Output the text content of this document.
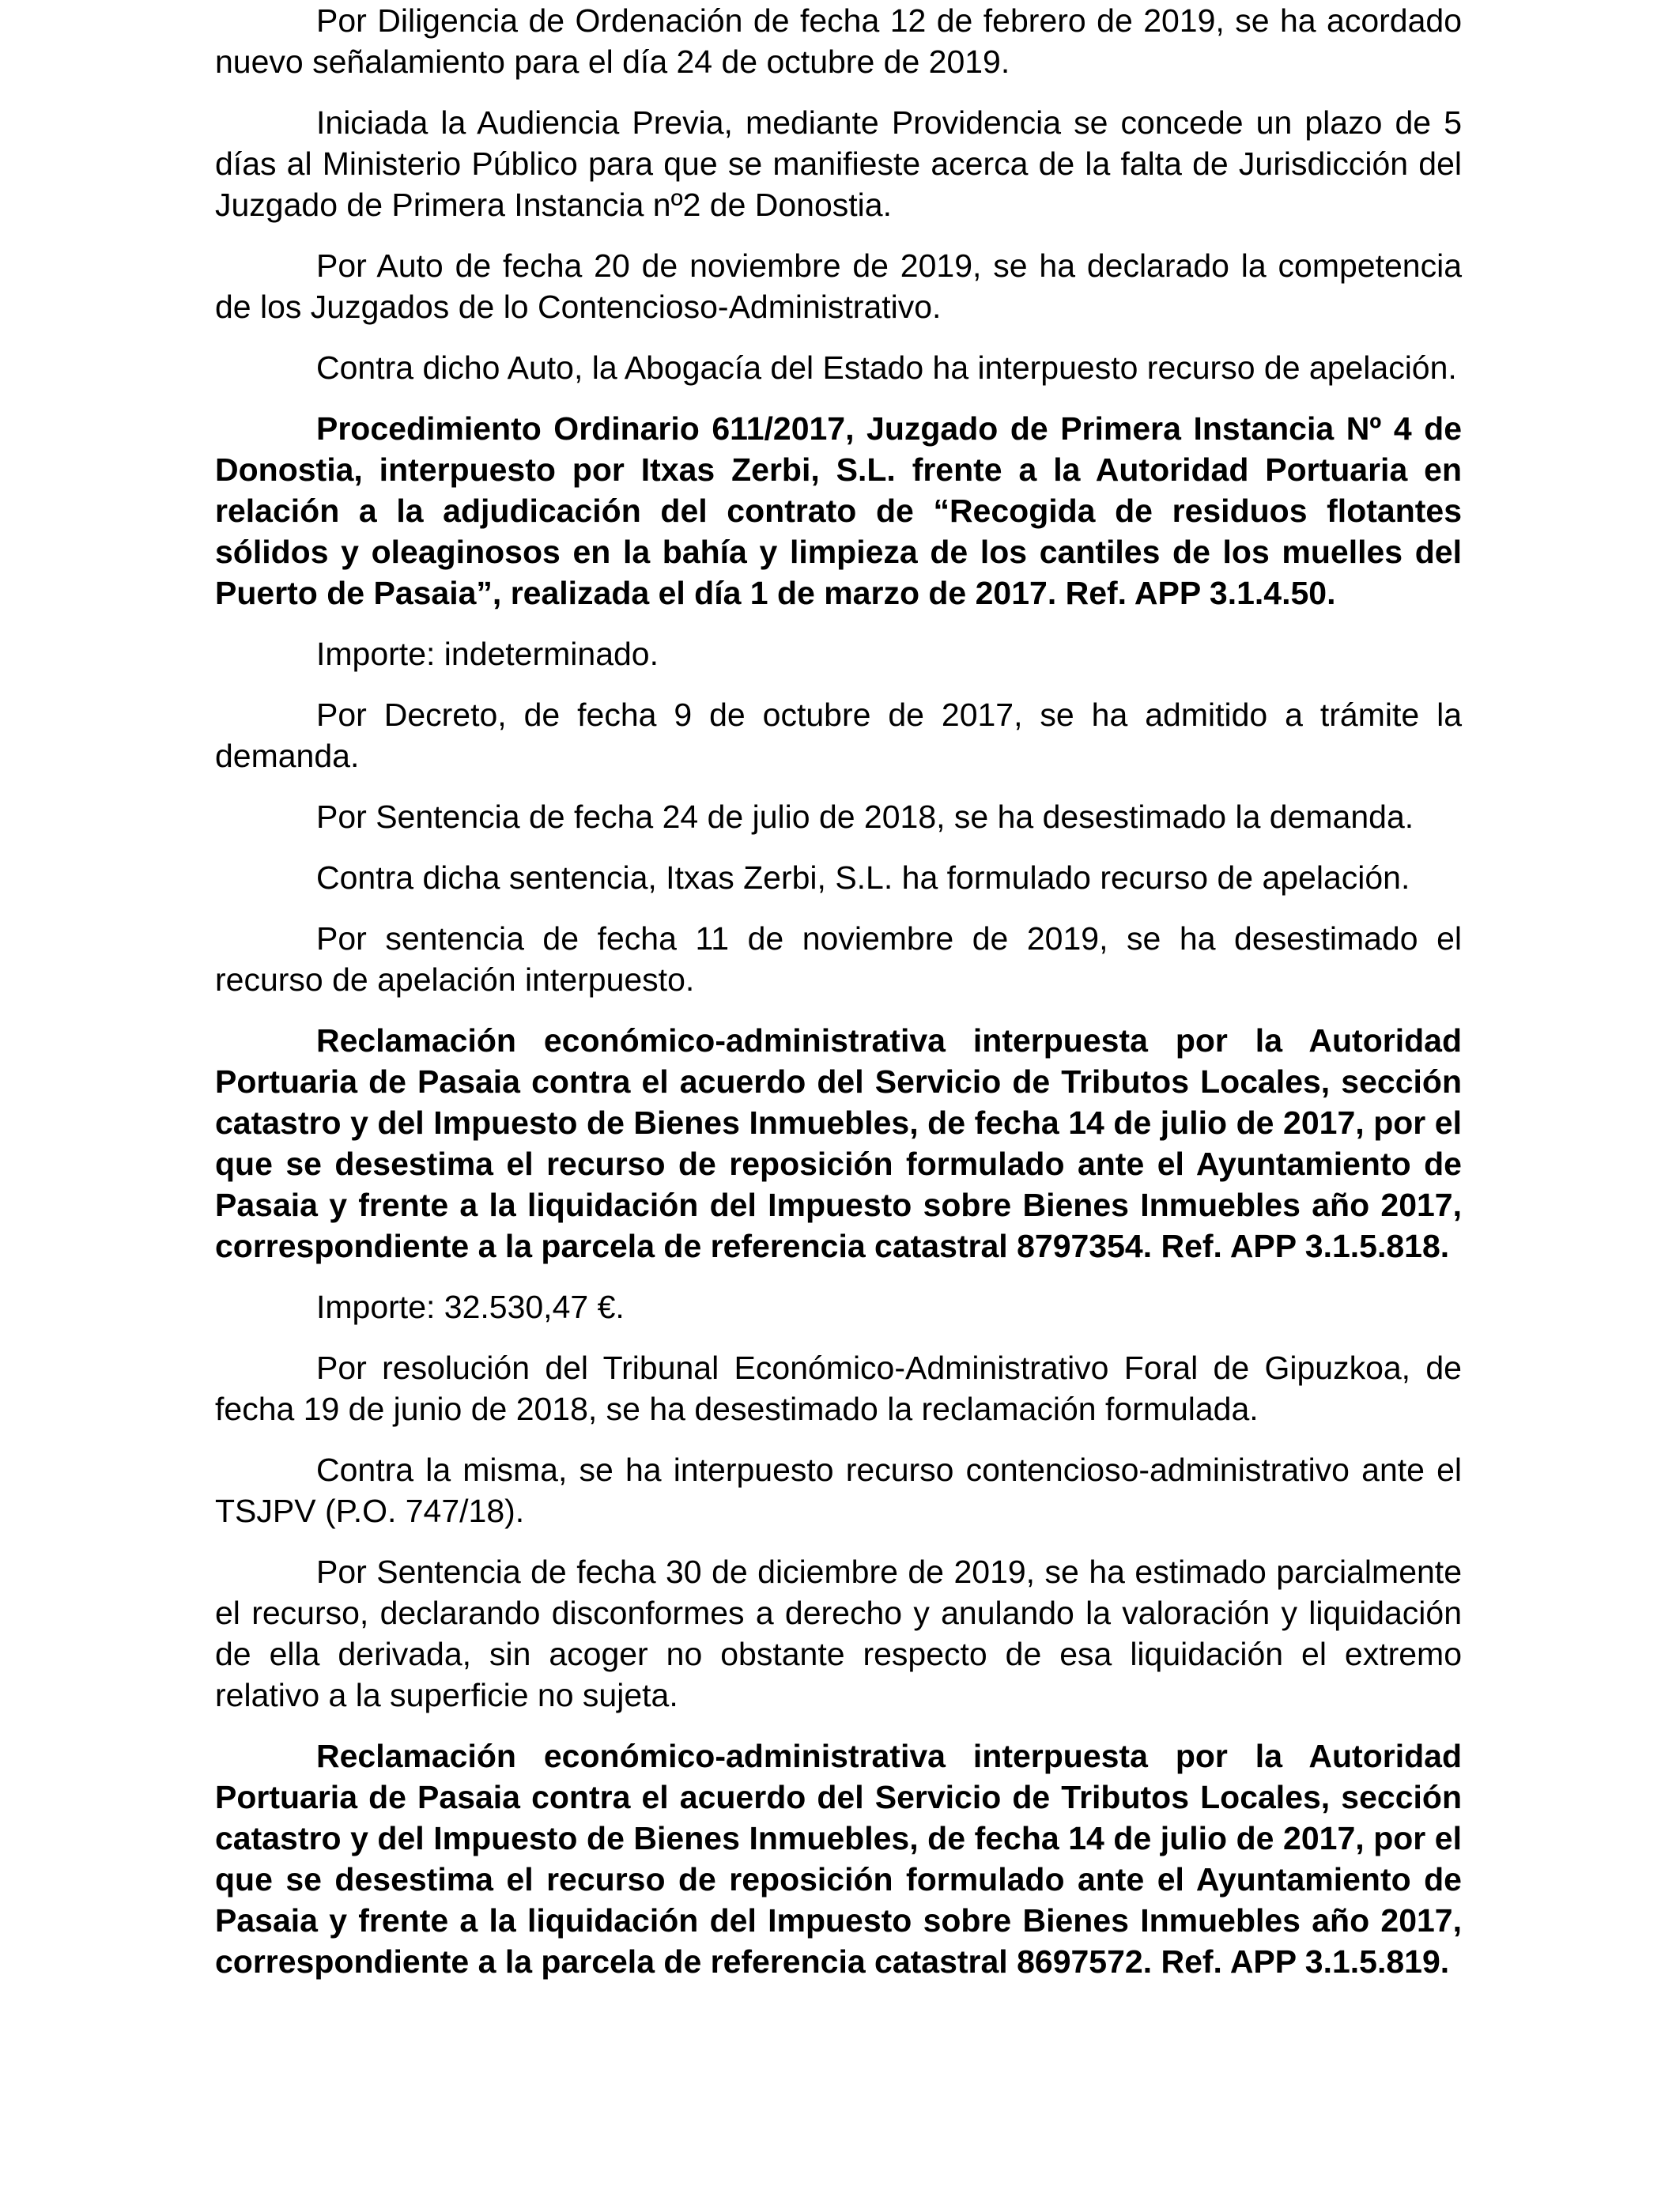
Por Diligencia de Ordenación de fecha 12 de febrero de 2019, se ha acordado nuevo señalamiento para el día 24 de octubre de 2019.

Iniciada la Audiencia Previa, mediante Providencia se concede un plazo de 5 días al Ministerio Público para que se manifieste acerca de la falta de Jurisdicción del Juzgado de Primera Instancia nº2 de Donostia.

Por Auto de fecha 20 de noviembre de 2019, se ha declarado la competencia de los Juzgados de lo Contencioso-Administrativo.

Contra dicho Auto, la Abogacía del Estado ha interpuesto recurso de apelación.

Procedimiento Ordinario 611/2017, Juzgado de Primera Instancia Nº 4 de Donostia, interpuesto por Itxas Zerbi, S.L. frente a la Autoridad Portuaria en relación a la adjudicación del contrato de “Recogida de residuos flotantes sólidos y oleaginosos en la bahía y limpieza de los cantiles de los muelles del Puerto de Pasaia”, realizada el día 1 de marzo de 2017. Ref. APP 3.1.4.50.

Importe: indeterminado.

Por Decreto, de fecha 9 de octubre de 2017, se ha admitido a trámite la demanda.

Por Sentencia de fecha 24 de julio de 2018, se ha desestimado la demanda.

Contra dicha sentencia, Itxas Zerbi, S.L. ha formulado recurso de apelación.

Por sentencia de fecha 11 de noviembre de 2019, se ha desestimado el recurso de apelación interpuesto.

Reclamación económico-administrativa interpuesta por la Autoridad Portuaria de Pasaia contra el acuerdo del Servicio de Tributos Locales, sección catastro y del Impuesto de Bienes Inmuebles, de fecha 14 de julio de 2017, por el que se desestima el recurso de reposición formulado ante el Ayuntamiento de Pasaia y frente a la liquidación del Impuesto sobre Bienes Inmuebles año 2017, correspondiente a la parcela de referencia catastral 8797354. Ref. APP 3.1.5.818.

Importe: 32.530,47 €.

Por resolución del Tribunal Económico-Administrativo Foral de Gipuzkoa, de fecha 19 de junio de 2018, se ha desestimado la reclamación formulada.

Contra la misma, se ha interpuesto recurso contencioso-administrativo ante el TSJPV (P.O. 747/18).

Por Sentencia de fecha 30 de diciembre de 2019, se ha estimado parcialmente el recurso, declarando disconformes a derecho y anulando la valoración y liquidación de ella derivada, sin acoger no obstante respecto de esa liquidación el extremo relativo a la superficie no sujeta.

Reclamación económico-administrativa interpuesta por la Autoridad Portuaria de Pasaia contra el acuerdo del Servicio de Tributos Locales, sección catastro y del Impuesto de Bienes Inmuebles, de fecha 14 de julio de 2017, por el que se desestima el recurso de reposición formulado ante el Ayuntamiento de Pasaia y frente a la liquidación del Impuesto sobre Bienes Inmuebles año 2017, correspondiente a la parcela de referencia catastral 8697572. Ref. APP 3.1.5.819.
